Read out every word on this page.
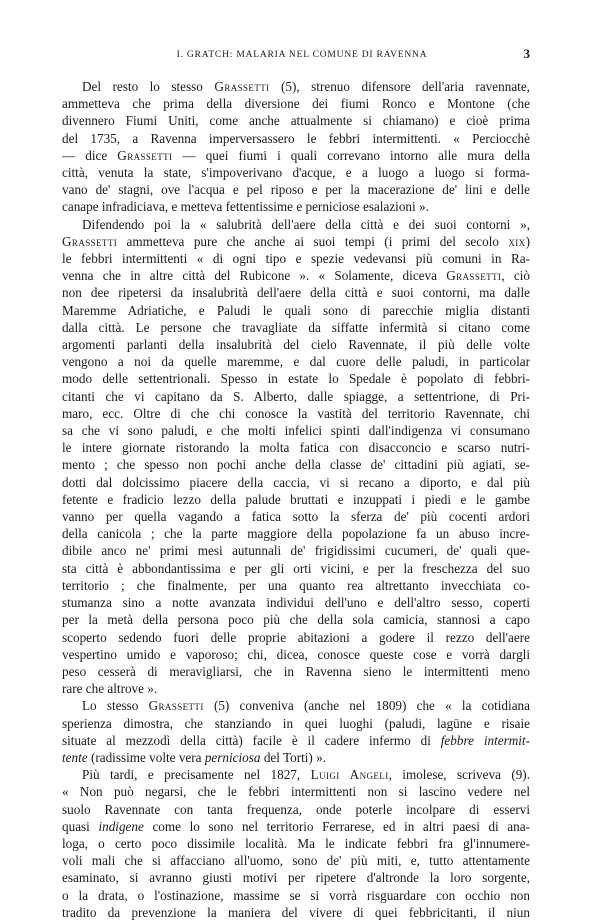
I. GRATCH: MALARIA NEL COMUNE DI RAVENNA	3
Del resto lo stesso Grassetti (5), strenuo difensore dell'aria ravennate,
ammetteva che prima della diversione dei fiumi Ronco e Montone (che
divennero Fiumi Uniti, come anche attualmente si chiamano) e cioè prima
del 1735, a Ravenna imperversassero le febbri intermittenti. « Perciocchè
— dice Grassetti — quei fiumi i quali correvano intorno alle mura della
città, venuta la state, s'impoverivano d'acque, e a luogo a luogo si forma-
vano de' stagni, ove l'acqua e pel riposo e per la macerazione de' lini e delle
canape infradiciava, e metteva fettentissime e perniciose esalazioni ».
Difendendo poi la « salubrità dell'aere della città e dei suoi contorni »,
Grassetti ammetteva pure che anche ai suoi tempi (i primi del secolo xix)
le febbri intermittenti « di ogni tipo e spezie vedevansi più comuni in Ra-
venna che in altre città del Rubicone ». « Solamente, diceva Grassetti, ciò
non dee ripetersi da insalubrità dell'aere della città e suoi contorni, ma dalle
Maremme Adriatiche, e Paludi le quali sono di parecchie miglia distanti
dalla città. Le persone che travagliate da siffatte infermità si citano come
argomenti parlanti della insalubrità del cielo Ravennate, il più delle volte
vengono a noi da quelle maremme, e dal cuore delle paludi, in particolar
modo delle settentrionali. Spesso in estate lo Spedale è popolato di febbri-
citanti che vi capitano da S. Alberto, dalle spiagge, a settentrione, di Pri-
maro, ecc. Oltre di che chi conosce la vastità del territorio Ravennate, chi
sa che vi sono paludi, e che molti infelici spinti dall'indigenza vi consumano
le intere giornate ristorando la molta fatica con disacconcio e scarso nutri-
mento ; che spesso non pochi anche della classe de' cittadini più agiati, se-
dotti dal dolcissimo piacere della caccia, vi si recano a diporto, e dal più
fetente e fradicio lezzo della palude bruttati e inzuppati i piedi e le gambe
vanno per quella vagando a fatica sotto la sferza de' più cocenti ardori
della canicola ; che la parte maggiore della popolazione fa un abuso incre-
dibile anco ne' primi mesi autunnali de' frigidissimi cucumeri, de' quali que-
sta città è abbondantissima e per gli orti vicini, e per la freschezza del suo
territorio ; che finalmente, per una quanto rea altrettanto invecchiata co-
stumanza sino a notte avanzata individui dell'uno e dell'altro sesso, coperti
per la metà della persona poco più che della sola camicia, stannosi a capo
scoperto sedendo fuori delle proprie abitazioni a godere il rezzo dell'aere
vespertino umido e vaporoso; chi, dicea, conosce queste cose e vorrà dargli
peso cesserà di meravigliarsi, che in Ravenna sieno le intermittenti meno
rare che altrove ».
Lo stesso Grassetti (5) conveniva (anche nel 1809) che « la cotidiana
sperienza dimostra, che stanziando in quei luoghi (paludi, lagūne e risaie
situate al mezzodì della città) facile è il cadere infermo di febbre intermit-
tente (radissime volte vera perniciosa del Torti) ».
Più tardi, e precisamente nel 1827, Luigi Angeli, imolese, scriveva (9).
« Non può negarsi, che le febbri intermittenti non si lascino vedere nel
suolo Ravennate con tanta frequenza, onde poterle incolpare di esservi
quasi indigene come lo sono nel territorio Ferrarese, ed in altri paesi di ana-
loga, o certo poco dissimile località. Ma le indicate febbri fra gl'innumere-
voli mali che si affacciano all'uomo, sono de' più miti, e, tutto attentamente
esaminato, si avranno giusti motivi per ripetere d'altronde la loro sorgente,
o la drata, o l'ostinazione, massime se si vorrà risguardare con occhio non
tradito da prevenzione la maniera del vivere di quei febbricitanti, il niun
